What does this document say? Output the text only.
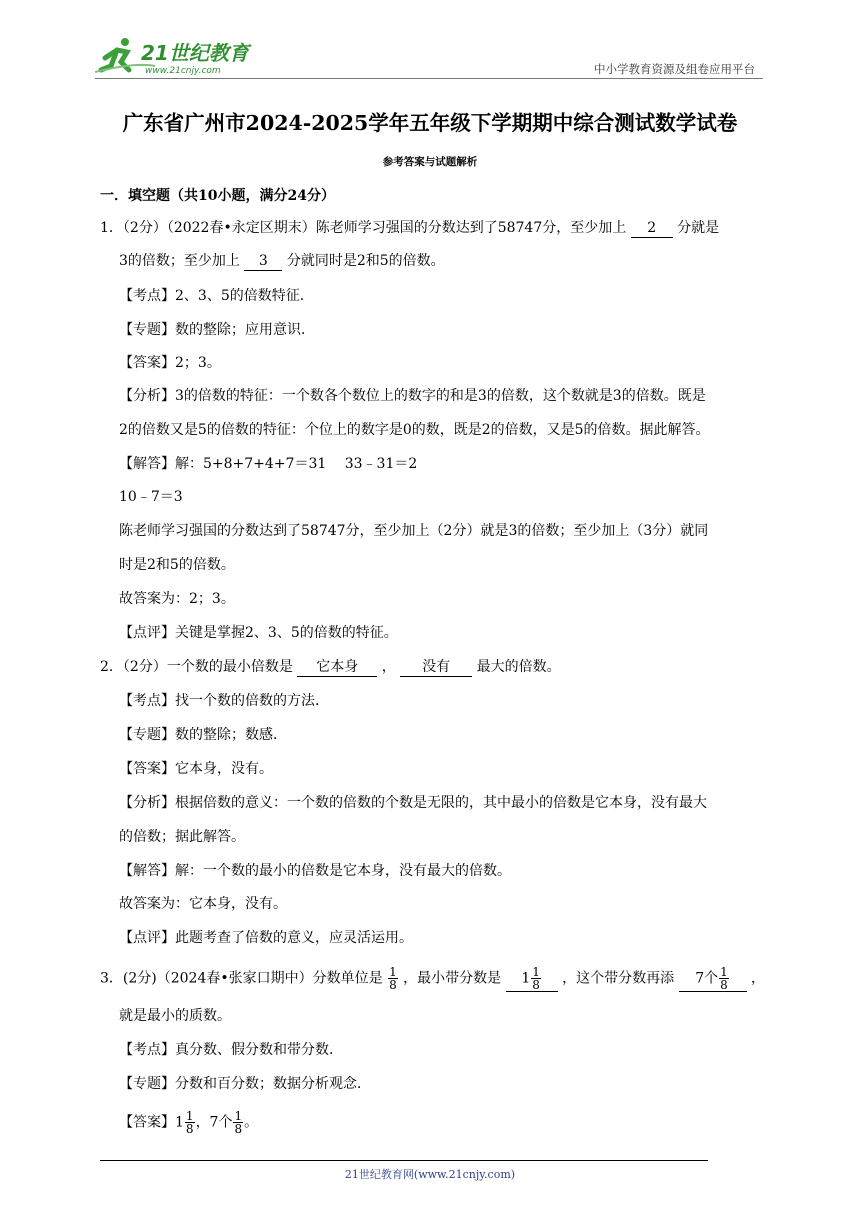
21世纪教育
www.21cnjy.com	中小学教育资源及组卷应用平台
广东省广州市2024-2025学年五年级下学期期中综合测试数学试卷
参考答案与试题解析
一．填空题（共10小题，满分24分）
1．（2分）（2022春•永定区期末）陈老师学习强国的分数达到了58747分，至少加上 2 分就是
3的倍数；至少加上 3 分就同时是2和5的倍数。
【考点】2、3、5的倍数特征．
【专题】数的整除；应用意识．
【答案】2；3。
【分析】3的倍数的特征：一个数各个数位上的数字的和是3的倍数，这个数就是3的倍数。既是
2的倍数又是5的倍数的特征：个位上的数字是0的数，既是2的倍数，又是5的倍数。据此解答。
【解答】解：5+8+7+4+7＝31　 33﹣31＝2
10﹣7＝3
陈老师学习强国的分数达到了58747分，至少加上（2分）就是3的倍数；至少加上（3分）就同
时是2和5的倍数。
故答案为：2；3。
【点评】关键是掌握2、3、5的倍数的特征。
2．（2分）一个数的最小倍数是 它本身 ， 没有 最大的倍数。
【考点】找一个数的倍数的方法．
【专题】数的整除；数感．
【答案】它本身，没有。
【分析】根据倍数的意义：一个数的倍数的个数是无限的，其中最小的倍数是它本身，没有最大
的倍数；据此解答。
【解答】解：一个数的最小的倍数是它本身，没有最大的倍数。
故答案为：它本身，没有。
【点评】此题考查了倍数的意义，应灵活运用。
3．(2分)（2024春•张家口期中）分数单位是 $\frac{1}{8}$ ，最小带分数是 $1 \frac{1}{8}$ ，这个带分数再添 7个 $\frac{1}{8}$ ，
就是最小的质数。
【考点】真分数、假分数和带分数．
【专题】分数和百分数；数据分析观念．
【答案】$1 \frac{1}{8}$ ，7个 $\frac{1}{8}$ 。
21世纪教育网(www.21cnjy.com)
